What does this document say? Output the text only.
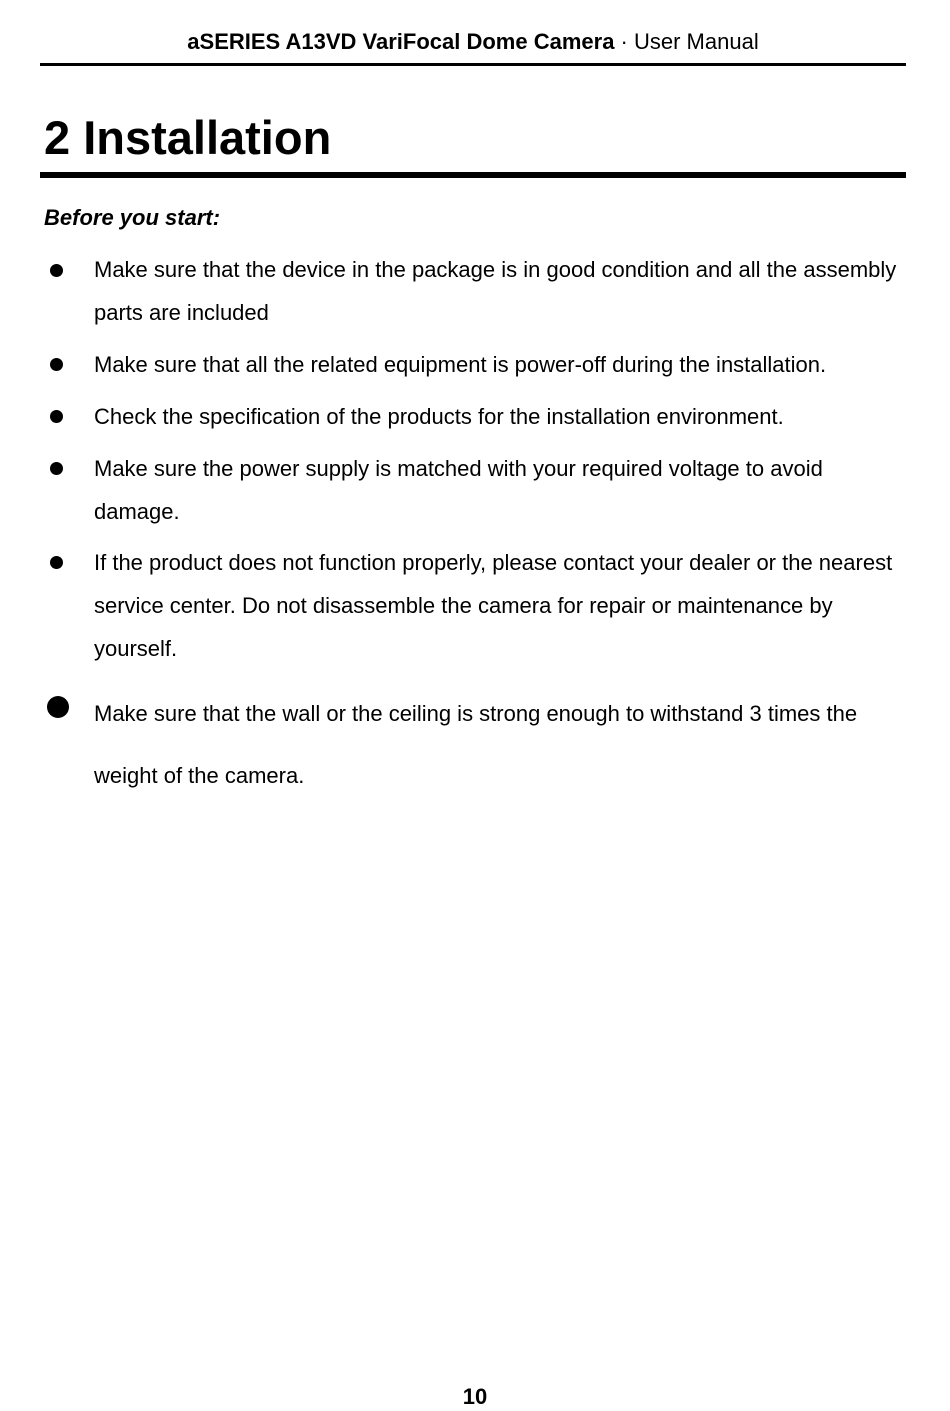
aSERIES A13VD VariFocal Dome Camera · User Manual
2 Installation
Before you start:
Make sure that the device in the package is in good condition and all the assembly parts are included
Make sure that all the related equipment is power-off during the installation.
Check the specification of the products for the installation environment.
Make sure the power supply is matched with your required voltage to avoid damage.
If the product does not function properly, please contact your dealer or the nearest service center. Do not disassemble the camera for repair or maintenance by yourself.
Make sure that the wall or the ceiling is strong enough to withstand 3 times the weight of the camera.
10
